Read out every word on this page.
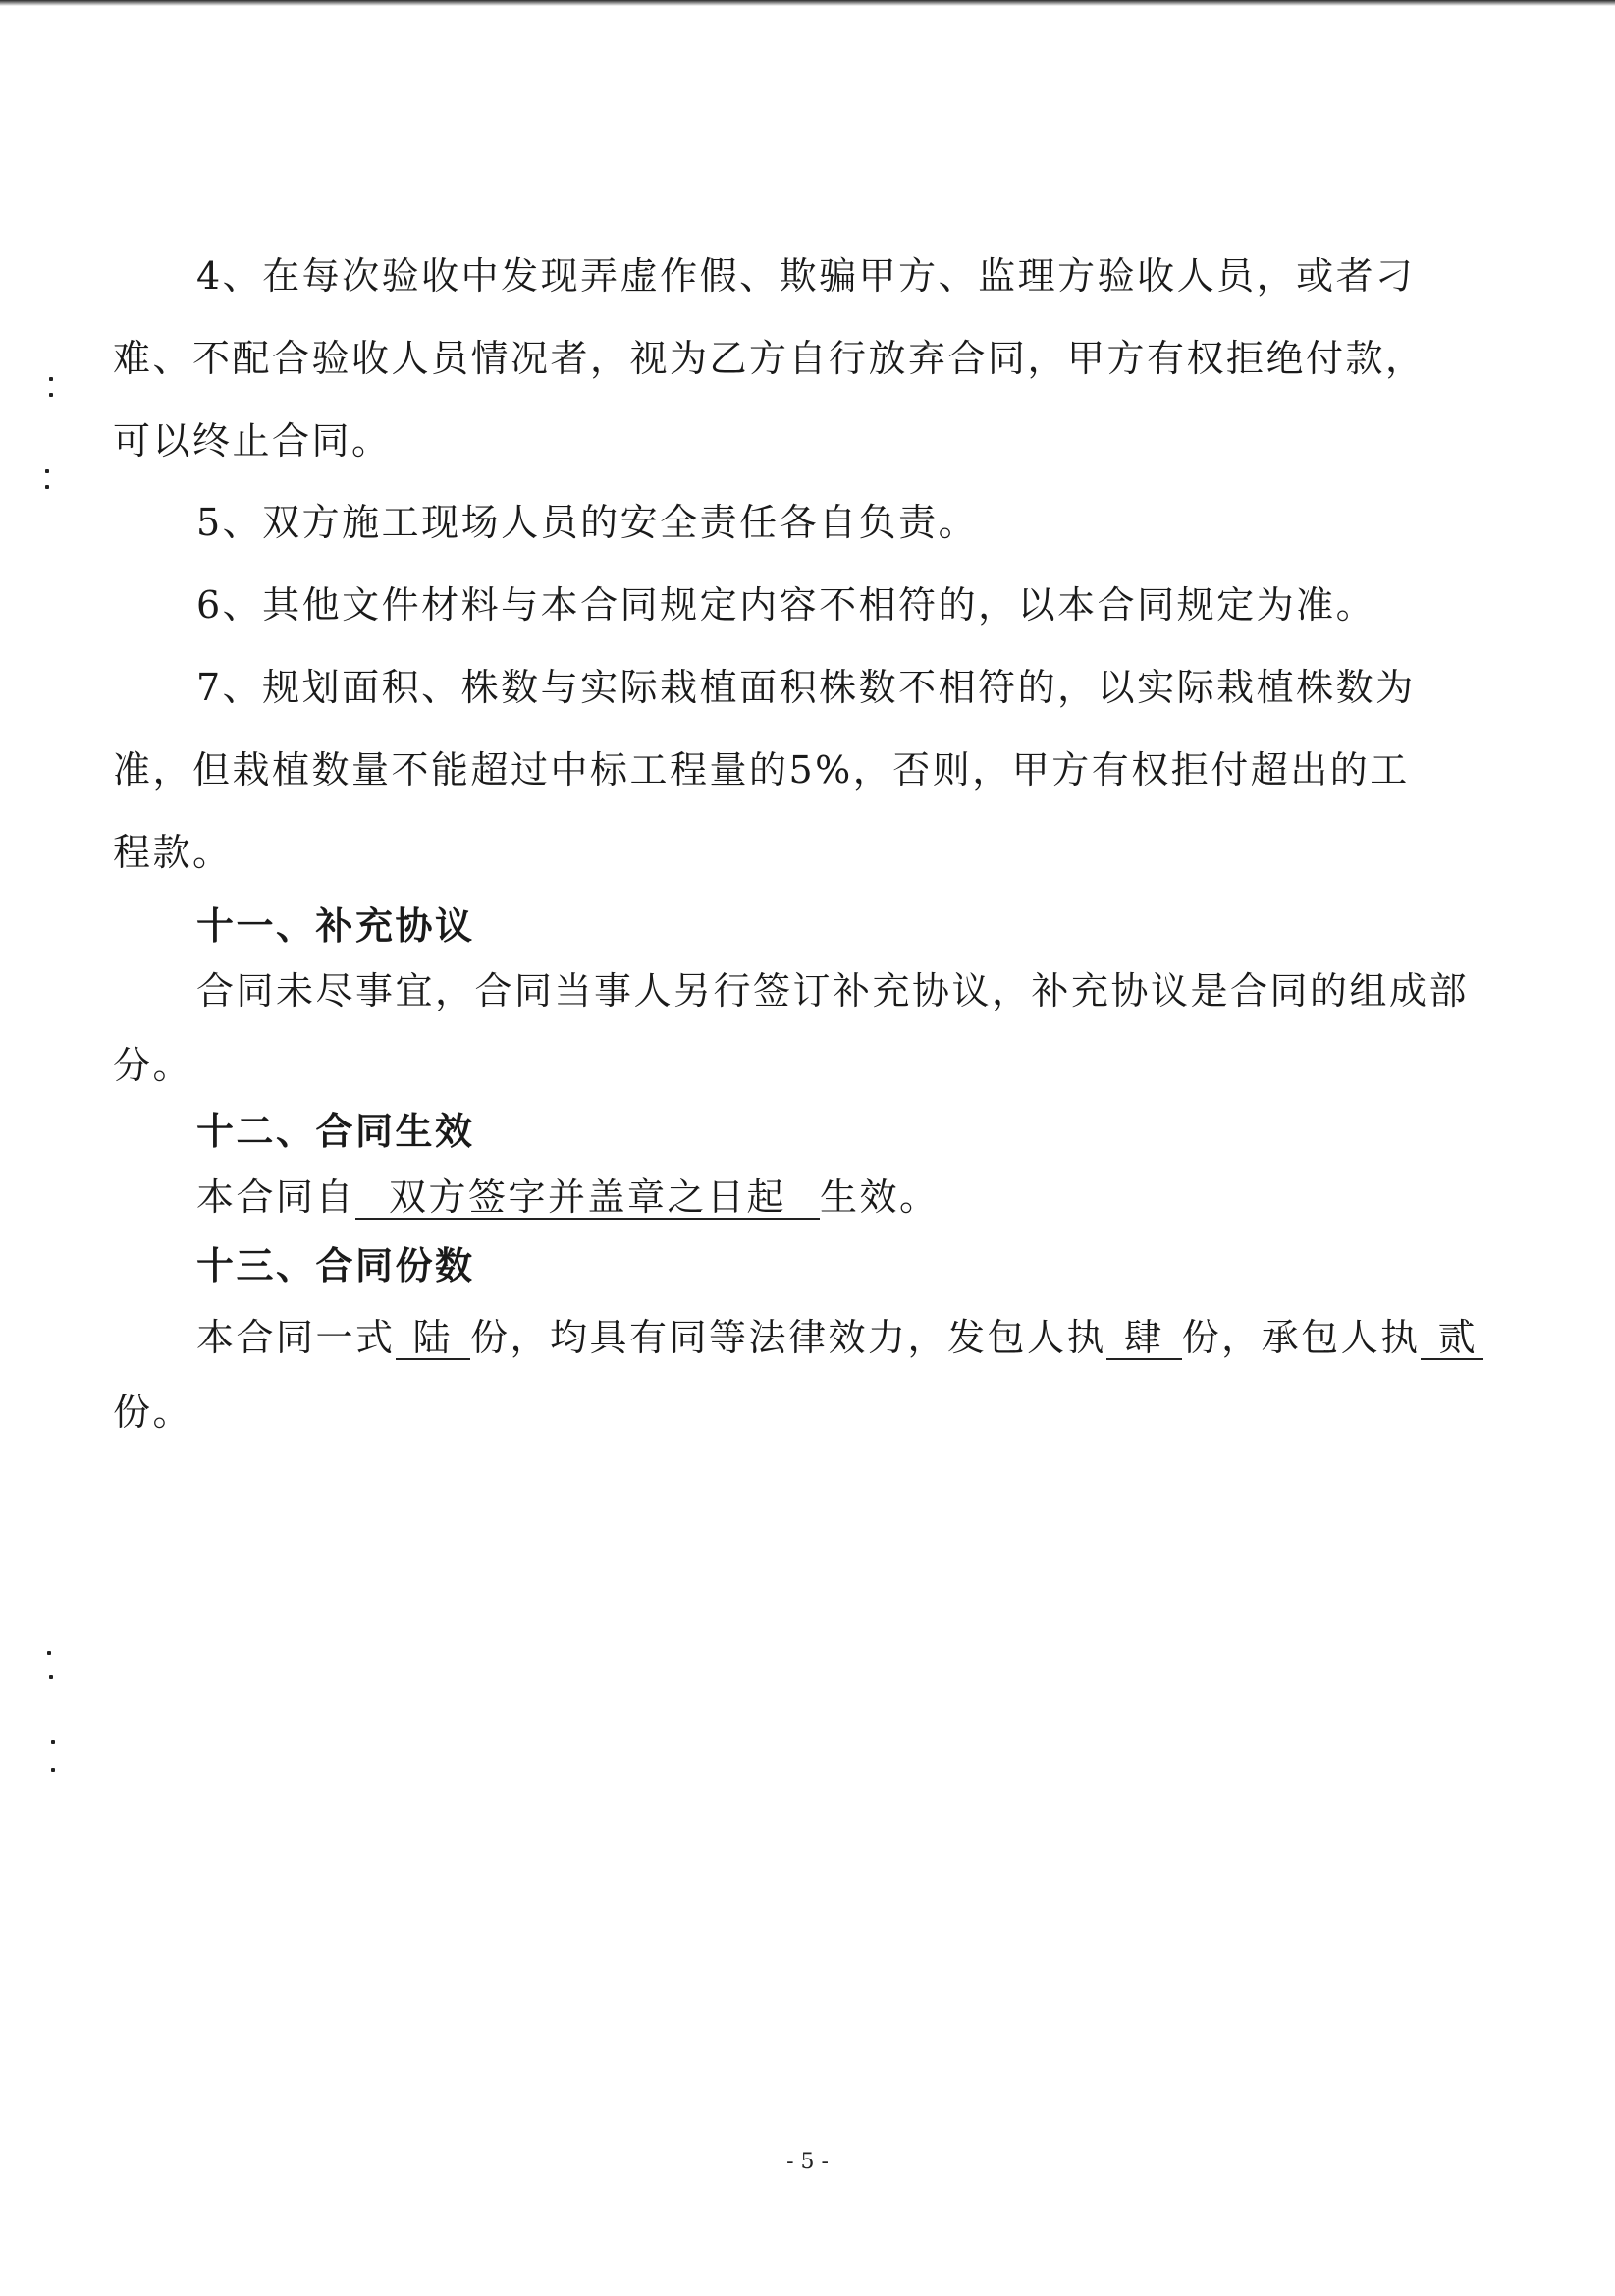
4、在每次验收中发现弄虚作假、欺骗甲方、监理方验收人员，或者刁
难、不配合验收人员情况者，视为乙方自行放弃合同，甲方有权拒绝付款，
可以终止合同。
5、双方施工现场人员的安全责任各自负责。
6、其他文件材料与本合同规定内容不相符的，以本合同规定为准。
7、规划面积、株数与实际栽植面积株数不相符的，以实际栽植株数为
准，但栽植数量不能超过中标工程量的5%，否则，甲方有权拒付超出的工
程款。
十一、补充协议
合同未尽事宜，合同当事人另行签订补充协议，补充协议是合同的组成部
分。
十二、合同生效
本合同自 双方签字并盖章之日起 生效。
十三、合同份数
本合同一式 陆 份，均具有同等法律效力，发包人执 肆 份，承包人执 贰
份。
- 5 -
